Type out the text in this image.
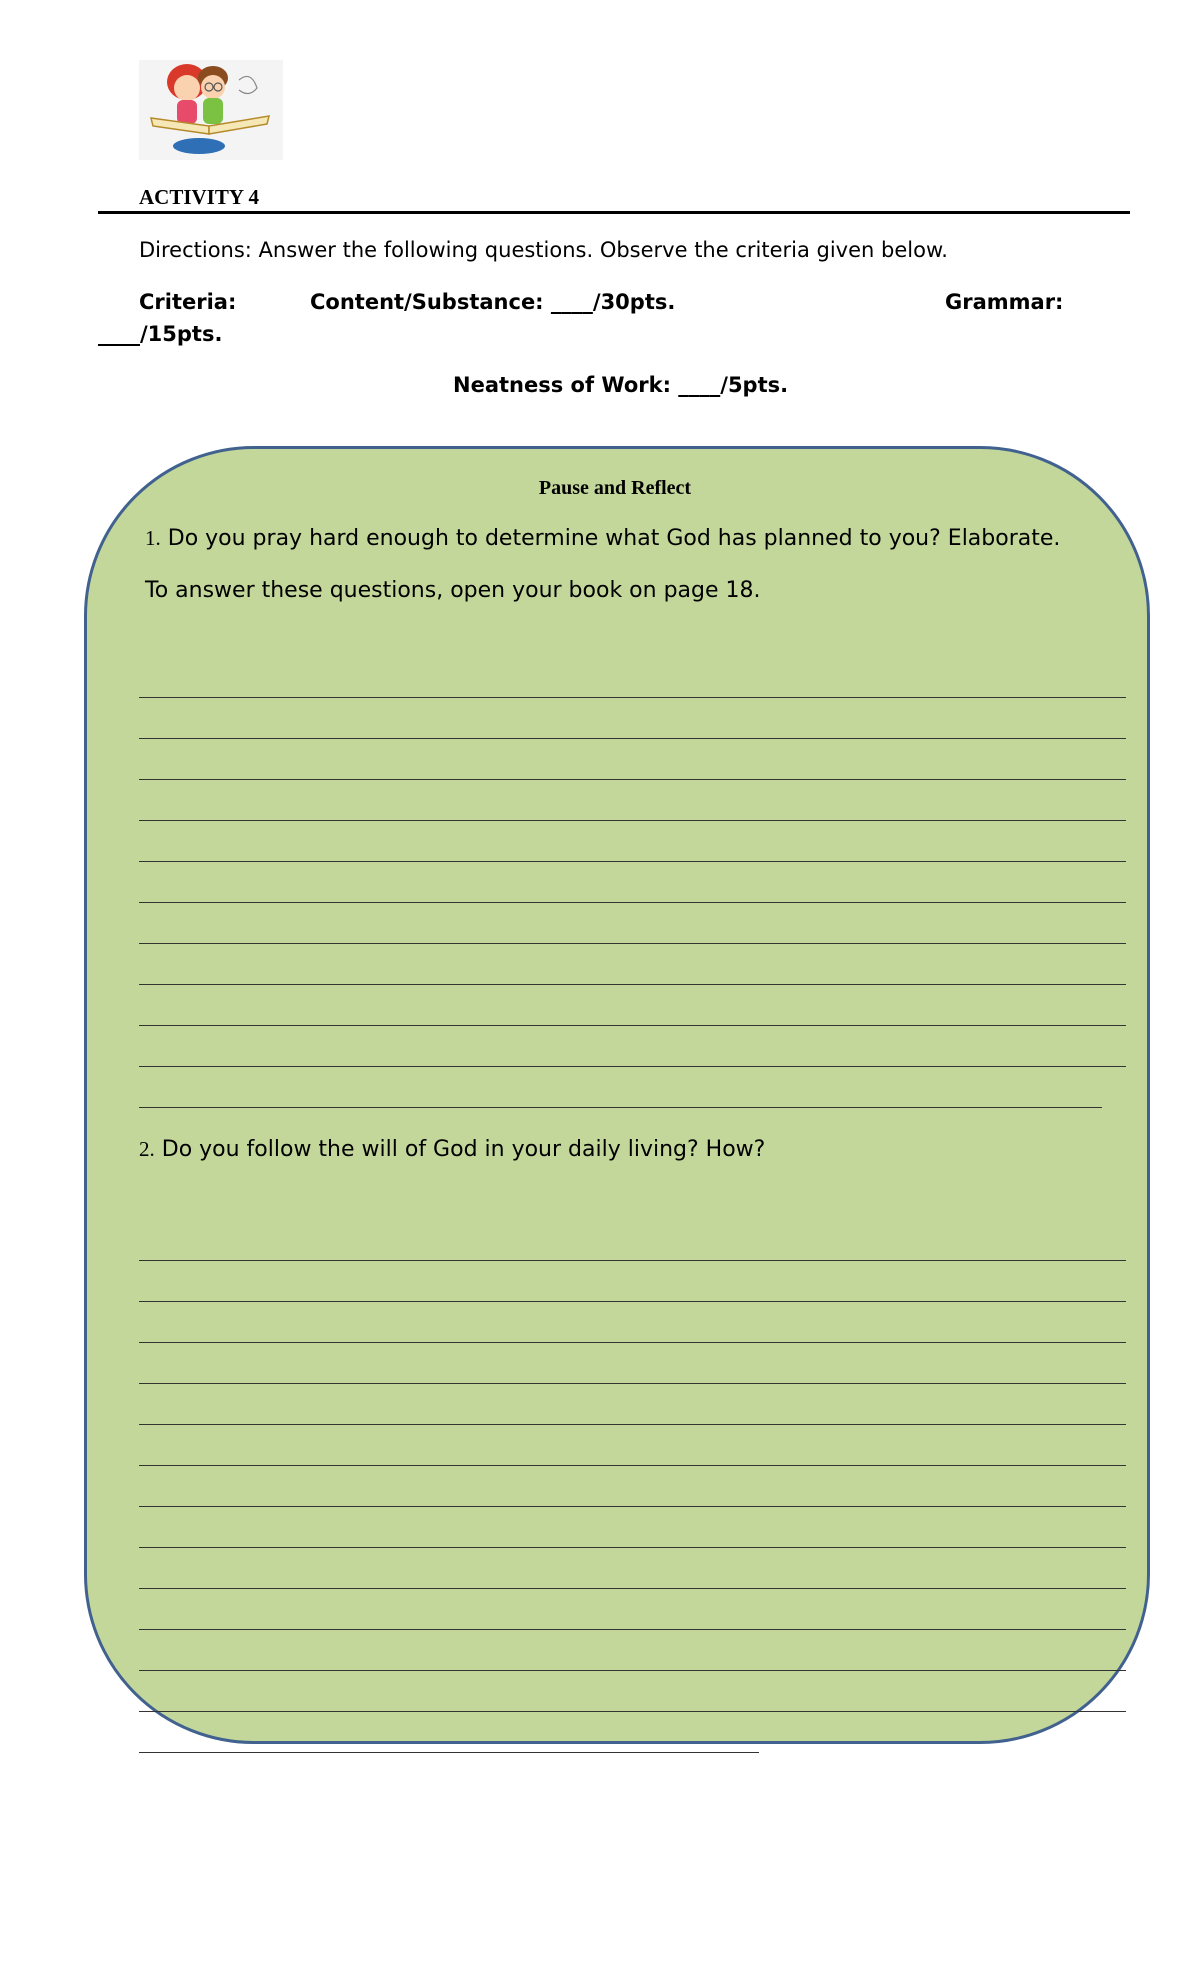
ACTIVITY 4
Directions: Answer the following questions. Observe the criteria given below.
Criteria:	Content/Substance: ____/30pts.	Grammar:
____/15pts.
Neatness of Work: ____/5pts.
Pause and Reflect
1. Do you pray hard enough to determine what God has planned to you? Elaborate.
To answer these questions, open your book on page 18.
2. Do you follow the will of God in your daily living? How?
